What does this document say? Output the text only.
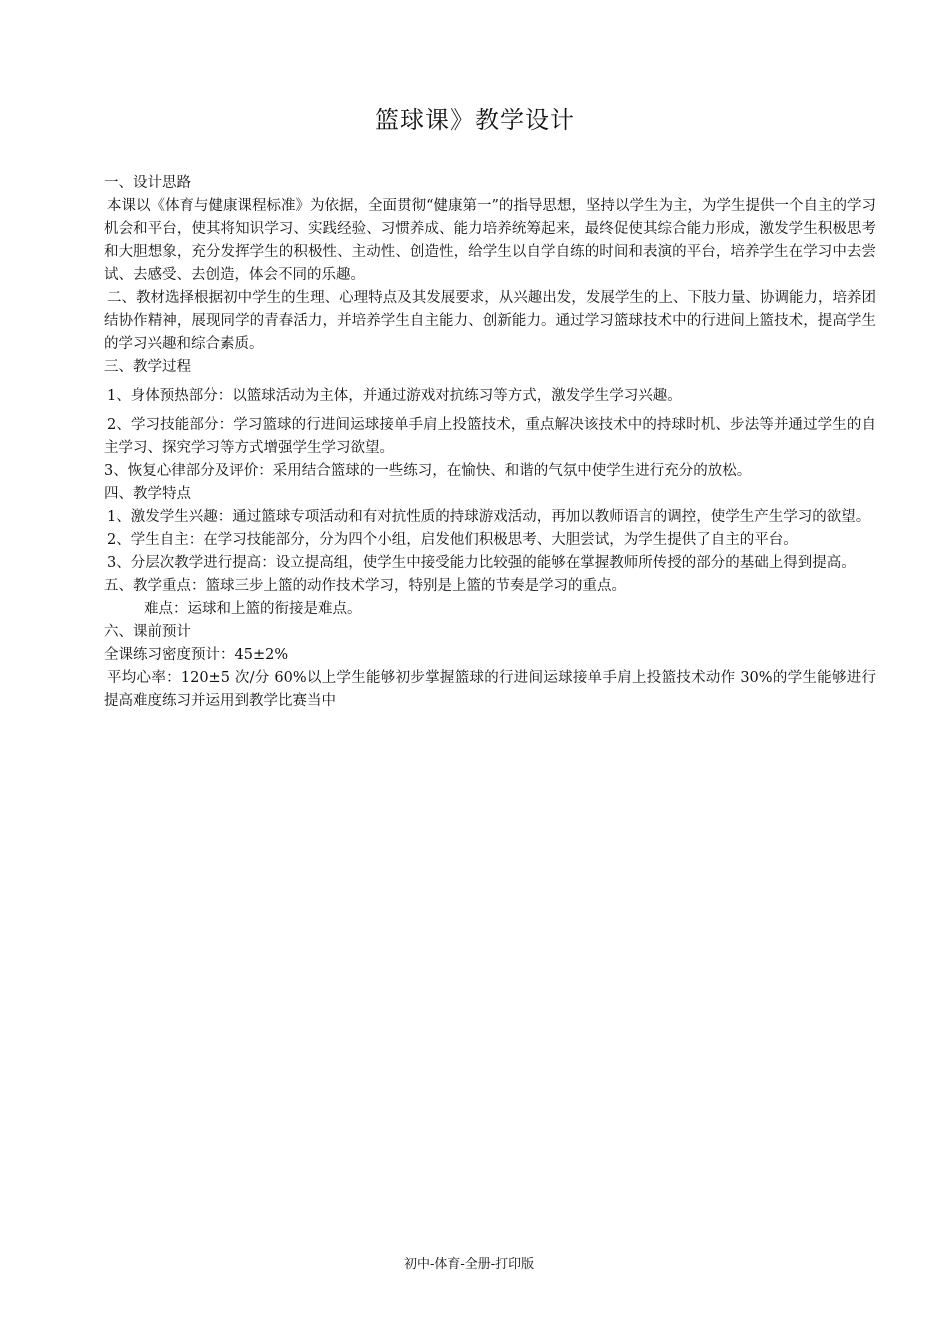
篮球课》教学设计

一、设计思路

本课以《体育与健康课程标准》为依据，全面贯彻“健康第一”的指导思想，坚持以学生为主，为学生提供一个自主的学习机会和平台，使其将知识学习、实践经验、习惯养成、能力培养统筹起来，最终促使其综合能力形成，激发学生积极思考和大胆想象，充分发挥学生的积极性、主动性、创造性，给学生以自学自练的时间和表演的平台，培养学生在学习中去尝试、去感受、去创造，体会不同的乐趣。

二、教材选择根据初中学生的生理、心理特点及其发展要求，从兴趣出发，发展学生的上、下肢力量、协调能力，培养团结协作精神，展现同学的青春活力，并培养学生自主能力、创新能力。通过学习篮球技术中的行进间上篮技术，提高学生的学习兴趣和综合素质。

三、教学过程

1、身体预热部分：以篮球活动为主体，并通过游戏对抗练习等方式，激发学生学习兴趣。

2、学习技能部分：学习篮球的行进间运球接单手肩上投篮技术，重点解决该技术中的持球时机、步法等并通过学生的自主学习、探究学习等方式增强学生学习欲望。

3、恢复心律部分及评价：采用结合篮球的一些练习，在愉快、和谐的气氛中使学生进行充分的放松。

四、教学特点

1、激发学生兴趣：通过篮球专项活动和有对抗性质的持球游戏活动，再加以教师语言的调控，使学生产生学习的欲望。

2、学生自主：在学习技能部分，分为四个小组，启发他们积极思考、大胆尝试，为学生提供了自主的平台。

3、分层次教学进行提高：设立提高组，使学生中接受能力比较强的能够在掌握教师所传授的部分的基础上得到提高。

五、教学重点：篮球三步上篮的动作技术学习，特别是上篮的节奏是学习的重点。

难点：运球和上篮的衔接是难点。

六、课前预计

全课练习密度预计：45±2%

平均心率：120±5 次/分 60%以上学生能够初步掌握篮球的行进间运球接单手肩上投篮技术动作 30%的学生能够进行提高难度练习并运用到教学比赛当中

初中-体育-全册-打印版
